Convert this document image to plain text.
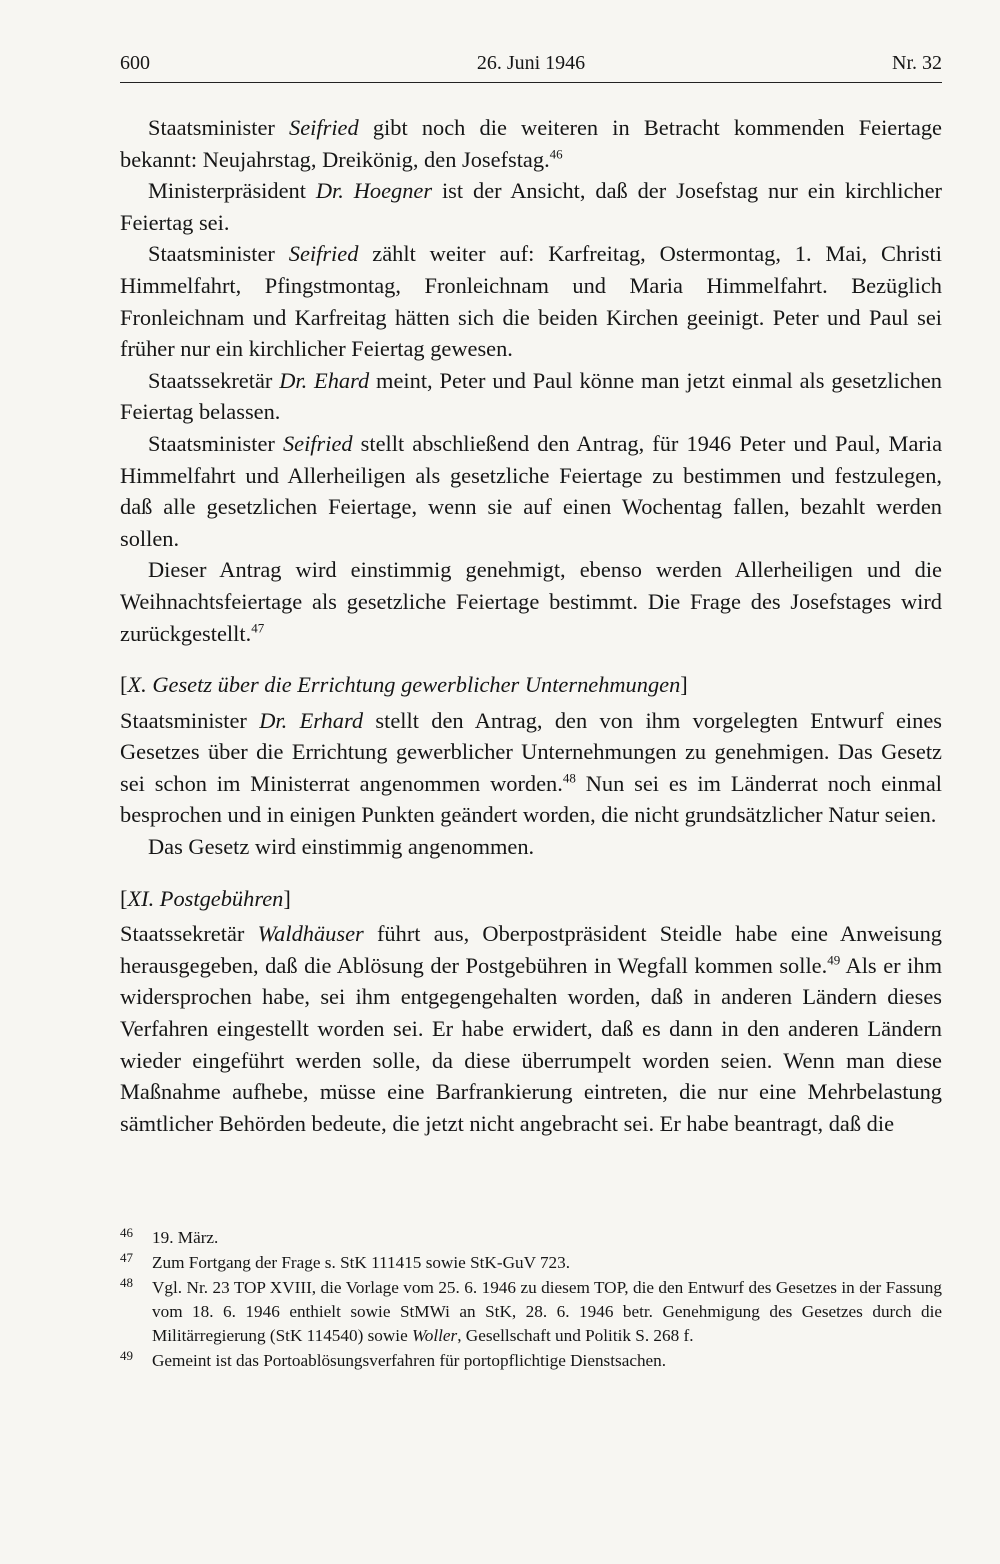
600	26. Juni 1946	Nr. 32

Staatsminister Seifried gibt noch die weiteren in Betracht kommenden Feiertage bekannt: Neujahrstag, Dreikönig, den Josefstag.$^{46}$

Ministerpräsident Dr. Hoegner ist der Ansicht, daß der Josefstag nur ein kirchlicher Feiertag sei.

Staatsminister Seifried zählt weiter auf: Karfreitag, Ostermontag, 1. Mai, Christi Himmelfahrt, Pfingstmontag, Fronleichnam und Maria Himmelfahrt. Bezüglich Fronleichnam und Karfreitag hätten sich die beiden Kirchen geeinigt. Peter und Paul sei früher nur ein kirchlicher Feiertag gewesen.

Staatssekretär Dr. Ehard meint, Peter und Paul könne man jetzt einmal als gesetzlichen Feiertag belassen.

Staatsminister Seifried stellt abschließend den Antrag, für 1946 Peter und Paul, Maria Himmelfahrt und Allerheiligen als gesetzliche Feiertage zu bestimmen und festzulegen, daß alle gesetzlichen Feiertage, wenn sie auf einen Wochentag fallen, bezahlt werden sollen.

Dieser Antrag wird einstimmig genehmigt, ebenso werden Allerheiligen und die Weihnachtsfeiertage als gesetzliche Feiertage bestimmt. Die Frage des Josefstages wird zurückgestellt.$^{47}$

[X. Gesetz über die Errichtung gewerblicher Unternehmungen]

Staatsminister Dr. Erhard stellt den Antrag, den von ihm vorgelegten Entwurf eines Gesetzes über die Errichtung gewerblicher Unternehmungen zu genehmigen. Das Gesetz sei schon im Ministerrat angenommen worden.$^{48}$ Nun sei es im Länderrat noch einmal besprochen und in einigen Punkten geändert worden, die nicht grundsätzlicher Natur seien.

Das Gesetz wird einstimmig angenommen.

[XI. Postgebühren]

Staatssekretär Waldhäuser führt aus, Oberpostpräsident Steidle habe eine Anweisung herausgegeben, daß die Ablösung der Postgebühren in Wegfall kommen solle.$^{49}$ Als er ihm widersprochen habe, sei ihm entgegengehalten worden, daß in anderen Ländern dieses Verfahren eingestellt worden sei. Er habe erwidert, daß es dann in den anderen Ländern wieder eingeführt werden solle, da diese überrumpelt worden seien. Wenn man diese Maßnahme aufhebe, müsse eine Barfrankierung eintreten, die nur eine Mehrbelastung sämtlicher Behörden bedeute, die jetzt nicht angebracht sei. Er habe beantragt, daß die

46 19. März.

47 Zum Fortgang der Frage s. StK 111415 sowie StK-GuV 723.

48 Vgl. Nr. 23 TOP XVIII, die Vorlage vom 25. 6. 1946 zu diesem TOP, die den Entwurf des Gesetzes in der Fassung vom 18. 6. 1946 enthielt sowie StMWi an StK, 28. 6. 1946 betr. Genehmigung des Gesetzes durch die Militärregierung (StK 114540) sowie Woller, Gesellschaft und Politik S. 268 f.

49 Gemeint ist das Portoablösungsverfahren für portopflichtige Dienstsachen.
